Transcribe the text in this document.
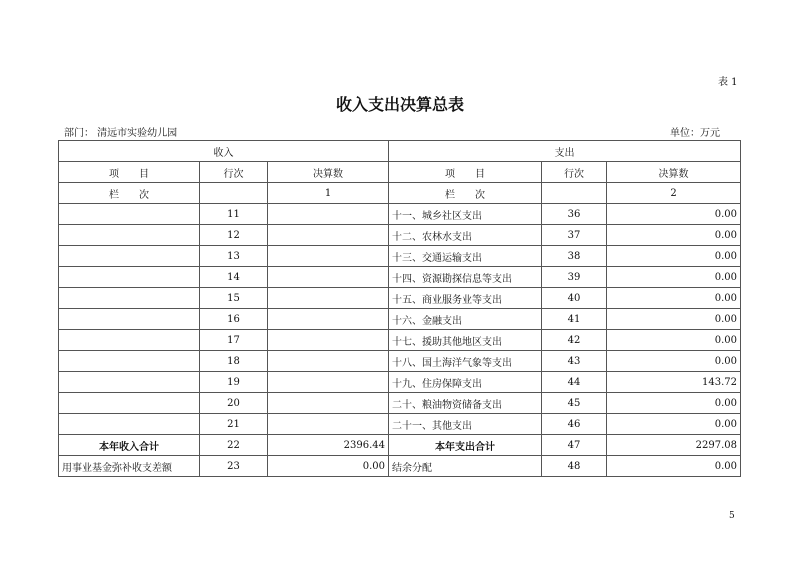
表 1
收入支出决算总表
部门： 清远市实验幼儿园	单位：万元
收入			支出		
项　　目	行次	决算数	项　　目	行次	决算数
栏　　次		1	栏　　次		2
	11		十一、城乡社区支出	36	0.00
	12		十二、农林水支出	37	0.00
	13		十三、交通运输支出	38	0.00
	14		十四、资源勘探信息等支出	39	0.00
	15		十五、商业服务业等支出	40	0.00
	16		十六、金融支出	41	0.00
	17		十七、援助其他地区支出	42	0.00
	18		十八、国土海洋气象等支出	43	0.00
	19		十九、住房保障支出	44	143.72
	20		二十、粮油物资储备支出	45	0.00
	21		二十一、其他支出	46	0.00
本年收入合计	22	2396.44	本年支出合计	47	2297.08
用事业基金弥补收支差额	23	0.00	结余分配	48	0.00
5
